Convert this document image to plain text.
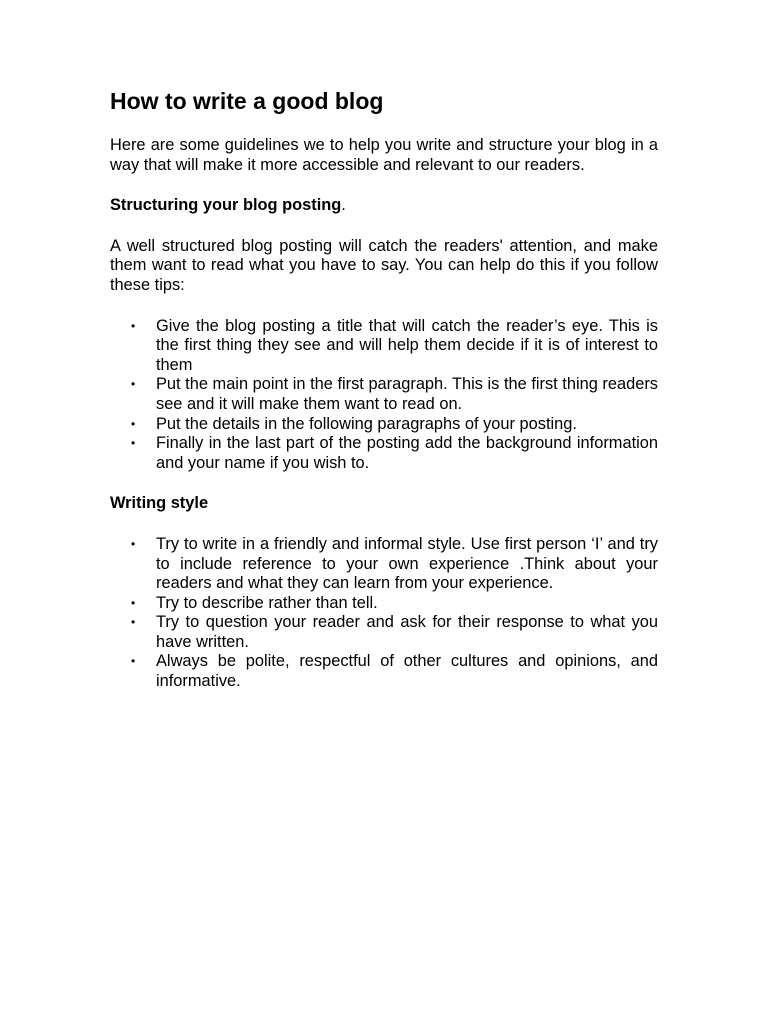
How to write a good blog

Here are some guidelines we to help you write and structure your blog in a way that will make it more accessible and relevant to our readers.

Structuring your blog posting.

A well structured blog posting will catch the readers' attention, and make them want to read what you have to say. You can help do this if you follow these tips:

• Give the blog posting a title that will catch the reader’s eye. This is the first thing they see and will help them decide if it is of interest to them
• Put the main point in the first paragraph. This is the first thing readers see and it will make them want to read on.
• Put the details in the following paragraphs of your posting.
• Finally in the last part of the posting add the background information and your name if you wish to.

Writing style

• Try to write in a friendly and informal style. Use first person ‘I’ and try to include reference to your own experience .Think about your readers and what they can learn from your experience.
• Try to describe rather than tell.
• Try to question your reader and ask for their response to what you have written.
• Always be polite, respectful of other cultures and opinions, and informative.
